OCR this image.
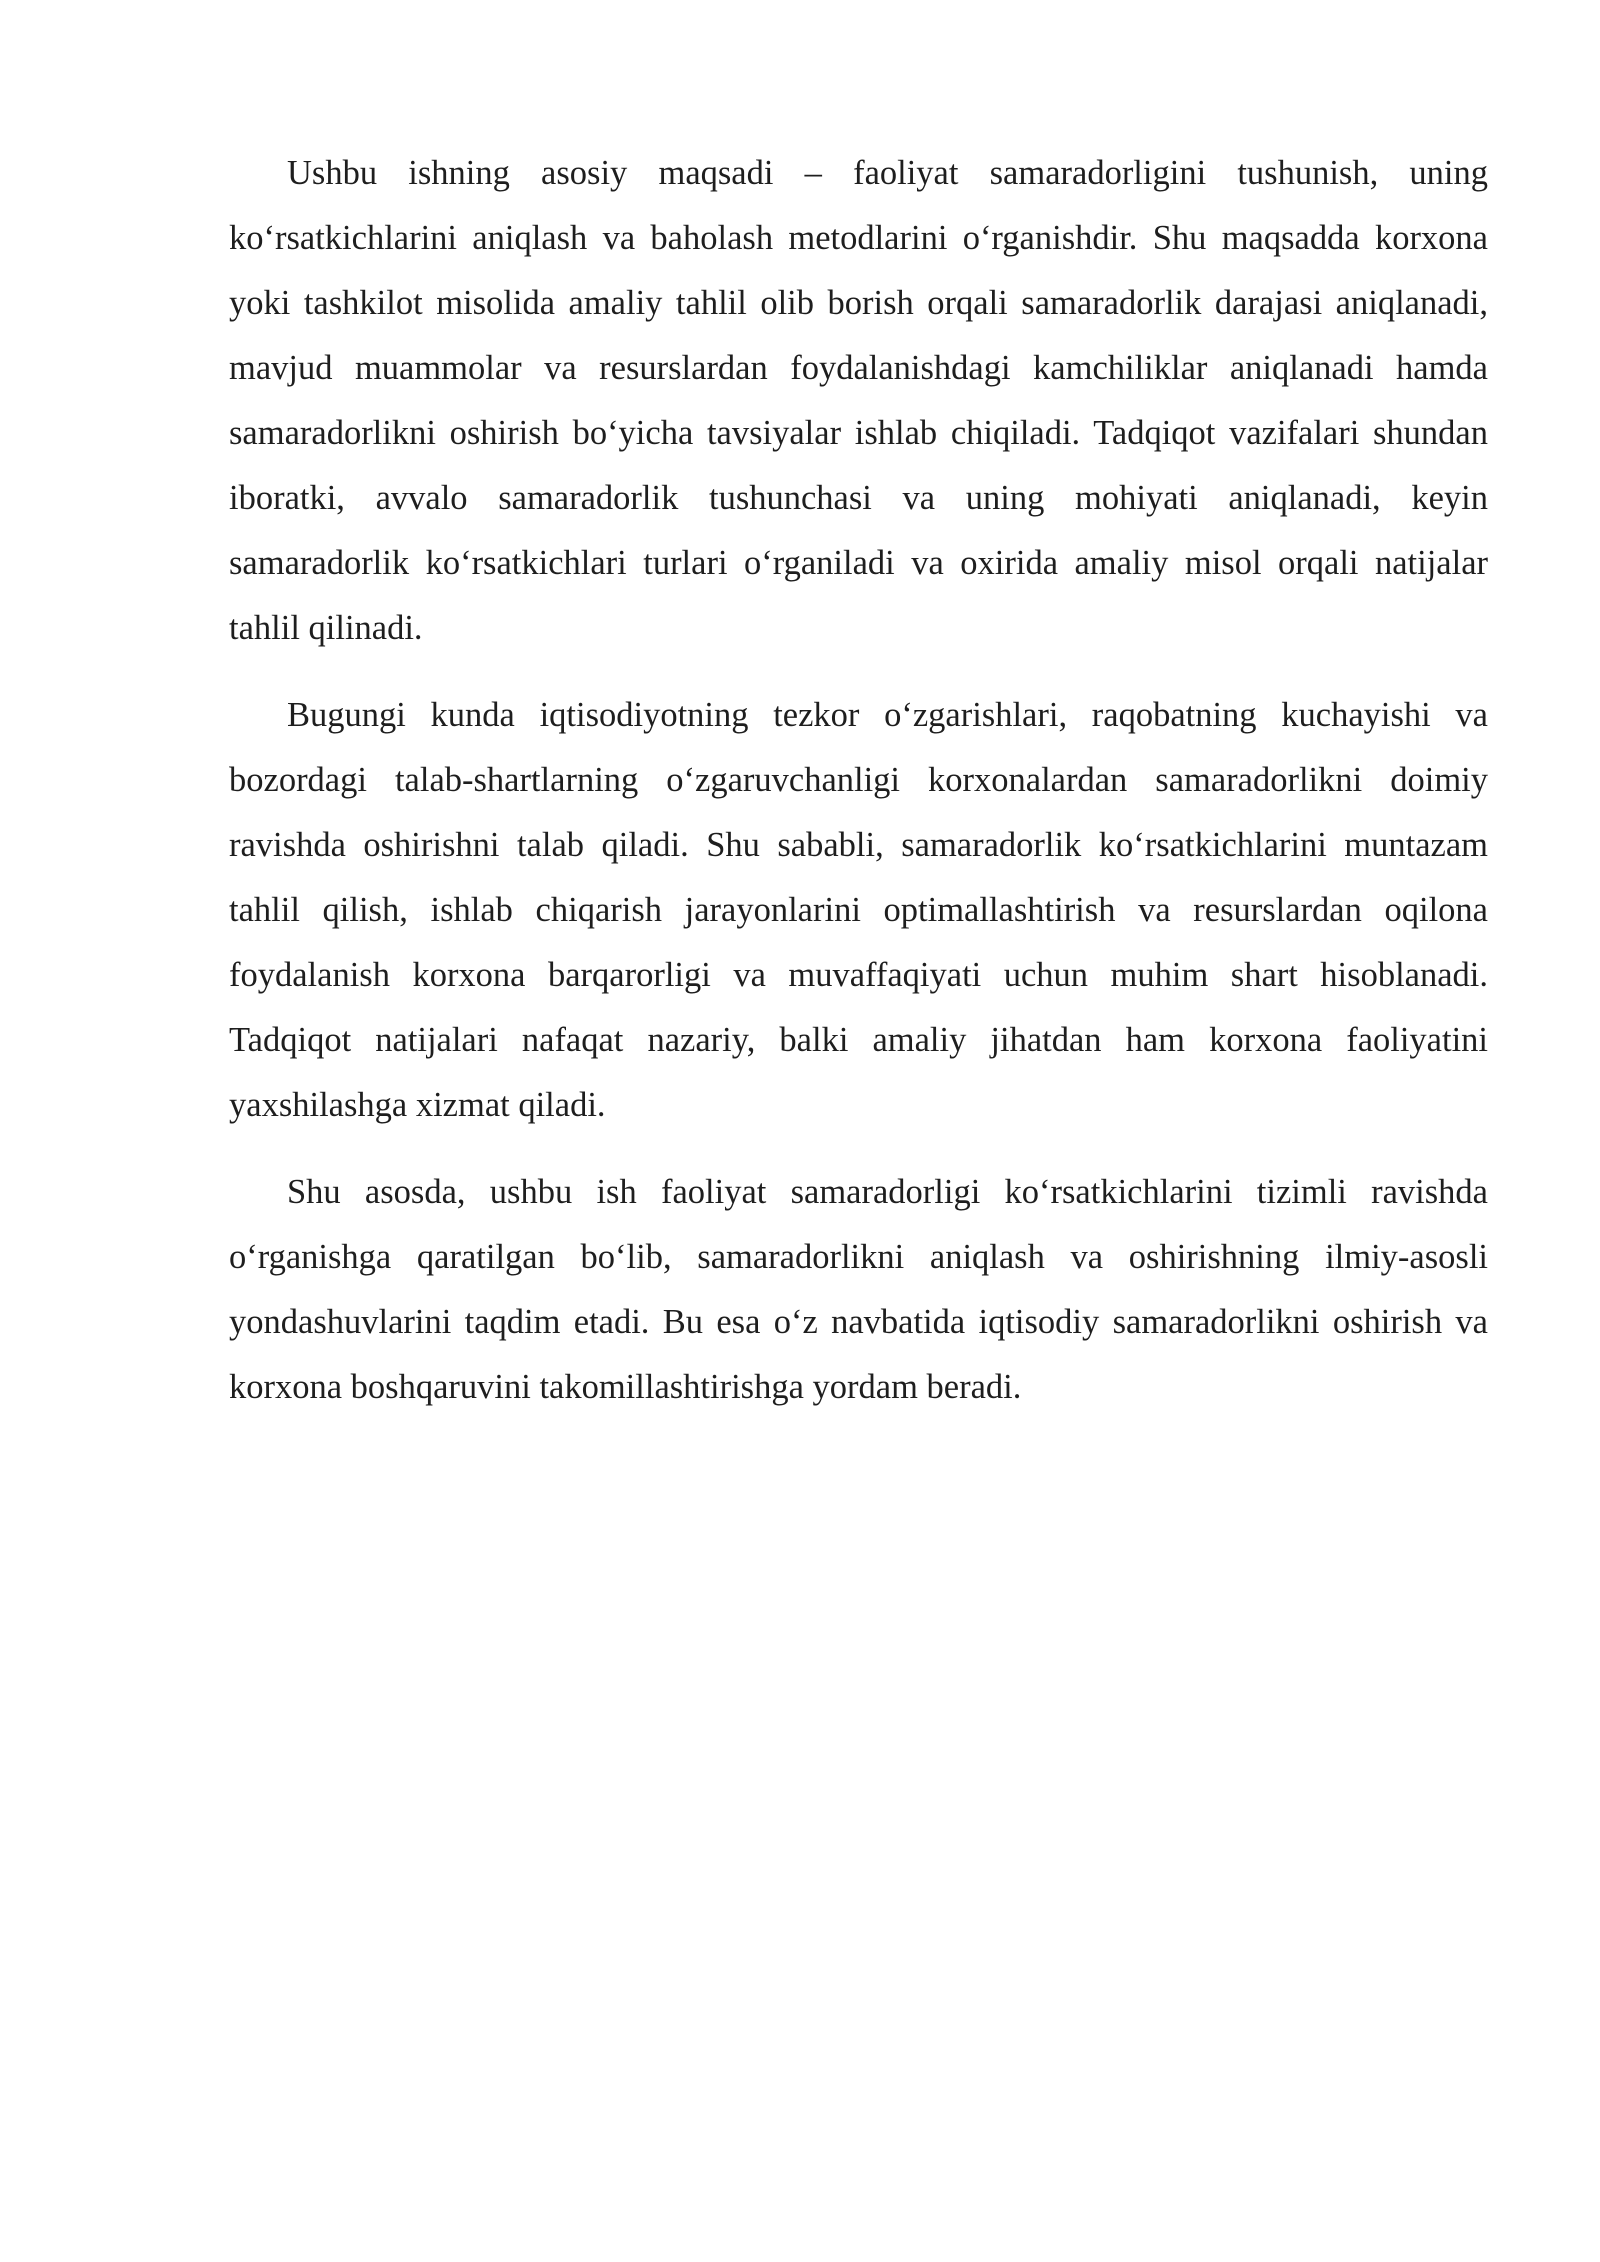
Ushbu ishning asosiy maqsadi – faoliyat samaradorligini tushunish, uning ko‘rsatkichlarini aniqlash va baholash metodlarini o‘rganishdir. Shu maqsadda korxona yoki tashkilot misolida amaliy tahlil olib borish orqali samaradorlik darajasi aniqlanadi, mavjud muammolar va resurslardan foydalanishdagi kamchiliklar aniqlanadi hamda samaradorlikni oshirish bo‘yicha tavsiyalar ishlab chiqiladi. Tadqiqot vazifalari shundan iboratki, avvalo samaradorlik tushunchasi va uning mohiyati aniqlanadi, keyin samaradorlik ko‘rsatkichlari turlari o‘rganiladi va oxirida amaliy misol orqali natijalar tahlil qilinadi.

Bugungi kunda iqtisodiyotning tezkor o‘zgarishlari, raqobatning kuchayishi va bozordagi talab-shartlarning o‘zgaruvchanligi korxonalardan samaradorlikni doimiy ravishda oshirishni talab qiladi. Shu sababli, samaradorlik ko‘rsatkichlarini muntazam tahlil qilish, ishlab chiqarish jarayonlarini optimallashtirish va resurslardan oqilona foydalanish korxona barqarorligi va muvaffaqiyati uchun muhim shart hisoblanadi. Tadqiqot natijalari nafaqat nazariy, balki amaliy jihatdan ham korxona faoliyatini yaxshilashga xizmat qiladi.

Shu asosda, ushbu ish faoliyat samaradorligi ko‘rsatkichlarini tizimli ravishda o‘rganishga qaratilgan bo‘lib, samaradorlikni aniqlash va oshirishning ilmiy-asosli yondashuvlarini taqdim etadi. Bu esa o‘z navbatida iqtisodiy samaradorlikni oshirish va korxona boshqaruvini takomillashtirishga yordam beradi.
